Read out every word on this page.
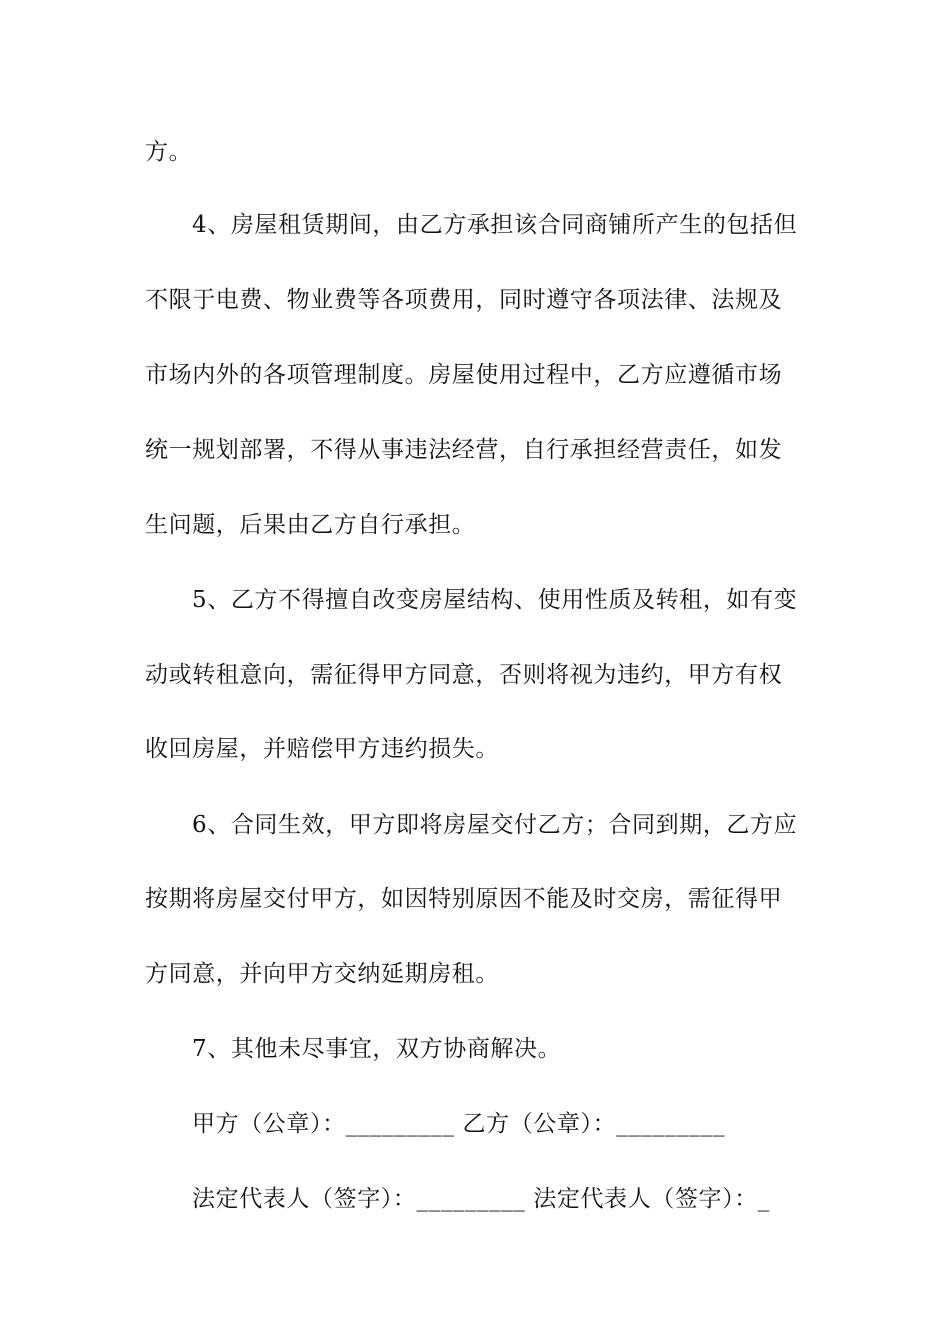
方。
4、房屋租赁期间，由乙方承担该合同商铺所产生的包括但
不限于电费、物业费等各项费用，同时遵守各项法律、法规及
市场内外的各项管理制度。房屋使用过程中，乙方应遵循市场
统一规划部署，不得从事违法经营，自行承担经营责任，如发
生问题，后果由乙方自行承担。
5、乙方不得擅自改变房屋结构、使用性质及转租，如有变
动或转租意向，需征得甲方同意，否则将视为违约，甲方有权
收回房屋，并赔偿甲方违约损失。
6、合同生效，甲方即将房屋交付乙方；合同到期，乙方应
按期将房屋交付甲方，如因特别原因不能及时交房，需征得甲
方同意，并向甲方交纳延期房租。
7、其他未尽事宜，双方协商解决。
甲方（公章）：_________ 乙方（公章）：_________
法定代表人（签字）：_________ 法定代表人（签字）：_
